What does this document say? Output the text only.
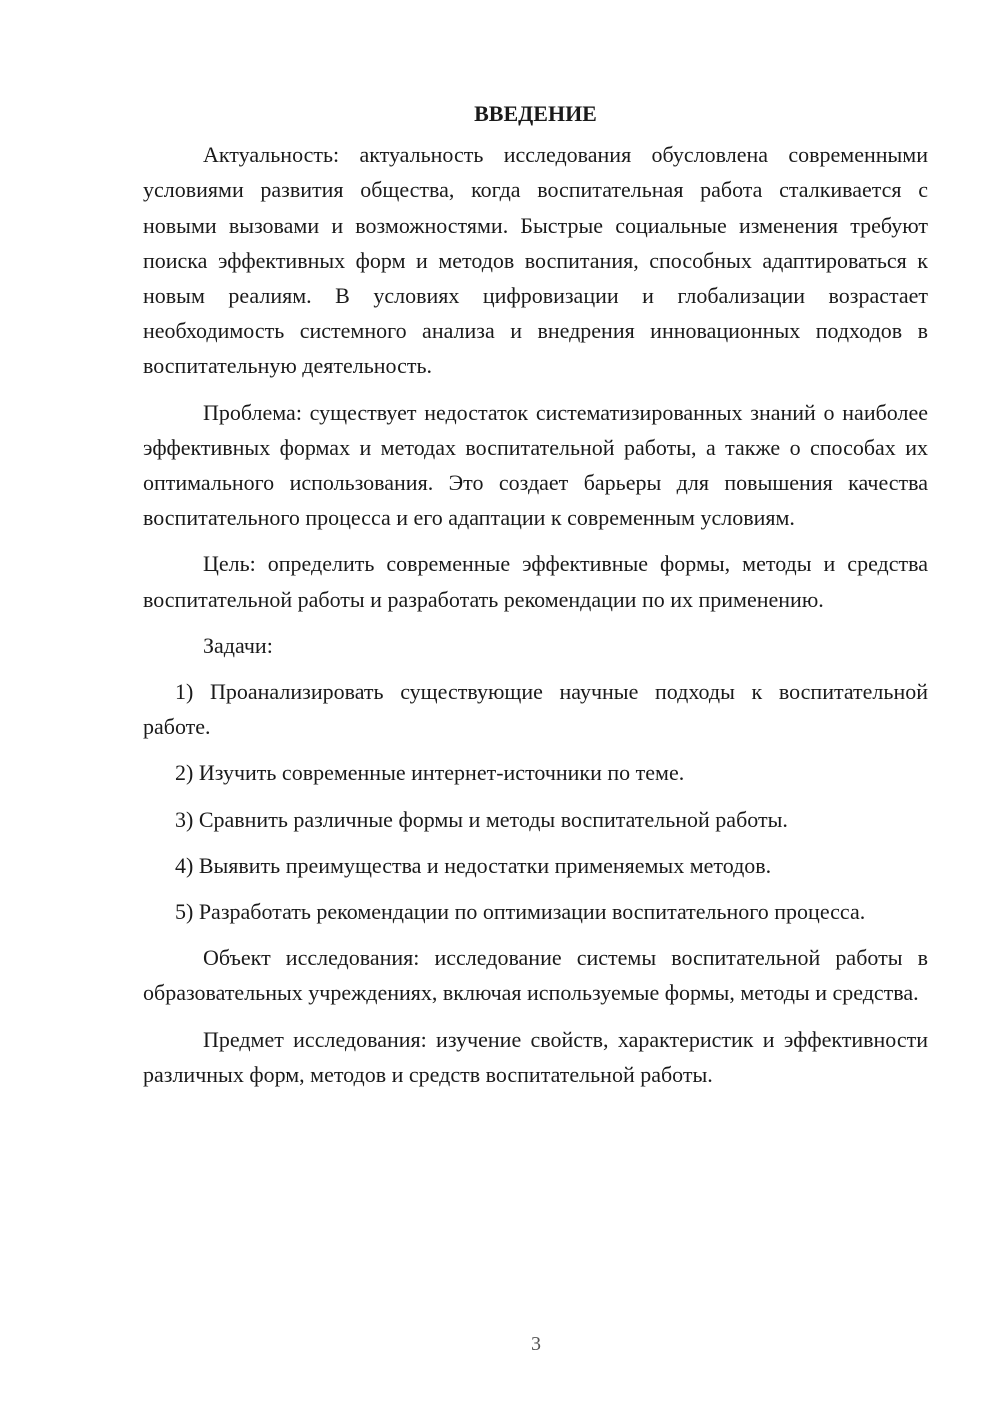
ВВЕДЕНИЕ

Актуальность: актуальность исследования обусловлена современными условиями развития общества, когда воспитательная работа сталкивается с новыми вызовами и возможностями. Быстрые социальные изменения требуют поиска эффективных форм и методов воспитания, способных адаптироваться к новым реалиям. В условиях цифровизации и глобализации возрастает необходимость системного анализа и внедрения инновационных подходов в воспитательную деятельность.

Проблема: существует недостаток систематизированных знаний о наиболее эффективных формах и методах воспитательной работы, а также о способах их оптимального использования. Это создает барьеры для повышения качества воспитательного процесса и его адаптации к современным условиям.

Цель: определить современные эффективные формы, методы и средства воспитательной работы и разработать рекомендации по их применению.

Задачи:

1) Проанализировать существующие научные подходы к воспитательной работе.

2) Изучить современные интернет-источники по теме.

3) Сравнить различные формы и методы воспитательной работы.

4) Выявить преимущества и недостатки применяемых методов.

5) Разработать рекомендации по оптимизации воспитательного процесса.

Объект исследования: исследование системы воспитательной работы в образовательных учреждениях, включая используемые формы, методы и средства.

Предмет исследования: изучение свойств, характеристик и эффективности различных форм, методов и средств воспитательной работы.

3
